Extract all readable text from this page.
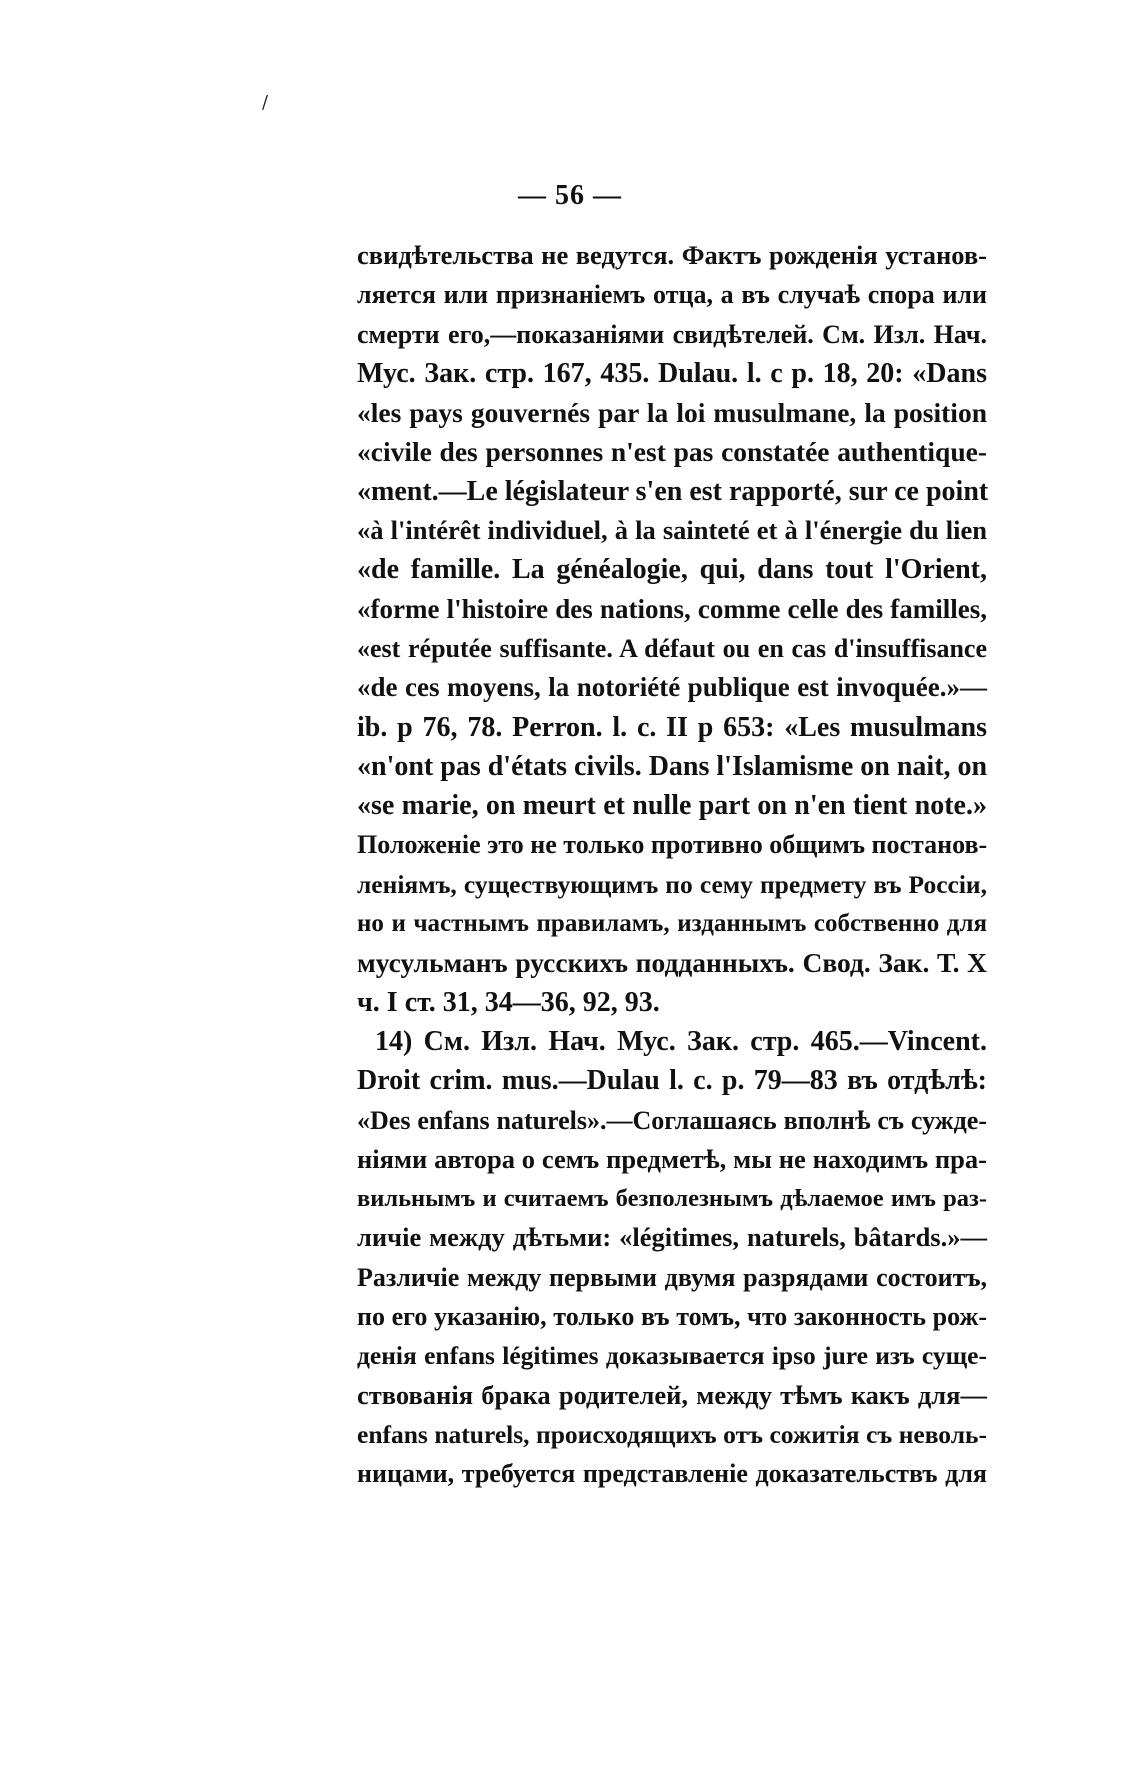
/
— 56 —
свидѣтельства не ведутся. Фактъ рожденія установ-
ляется или признаніемъ отца, а въ случаѣ спора или
смерти его,—показаніями свидѣтелей. См. Изл. Нач.
Мус. Зак. стр. 167, 435. Dulau. l. c p. 18, 20: «Dans
«les pays gouvernés par la loi musulmane, la position
«civile des personnes n'est pas constatée authentique-
«ment.—Le législateur s'en est rapporté, sur ce point
«à l'intérêt individuel, à la sainteté et à l'énergie du lien
«de famille. La généalogie, qui, dans tout l'Orient,
«forme l'histoire des nations, comme celle des familles,
«est réputée suffisante. A défaut ou en cas d'insuffisance
«de ces moyens, la notoriété publique est invoquée.»—
ib. p 76, 78. Perron. l. c. II p 653: «Les musulmans
«n'ont pas d'états civils. Dans l'Islamisme on nait, on
«se marie, on meurt et nulle part on n'en tient note.»
Положеніе это не только противно общимъ постанов-
леніямъ, существующимъ по сему предмету въ Россіи,
но и частнымъ правиламъ, изданнымъ собственно для
мусульманъ русскихъ подданныхъ. Свод. Зак. Т. X
ч. I ст. 31, 34—36, 92, 93.
14) См. Изл. Нач. Мус. Зак. стр. 465.—Vincent.
Droit crim. mus.—Dulau l. c. p. 79—83 въ отдѣлѣ:
«Des enfans naturels».—Соглашаясь вполнѣ съ сужде-
ніями автора о семъ предметѣ, мы не находимъ пра-
вильнымъ и считаемъ безполезнымъ дѣлаемое имъ раз-
личіе между дѣтьми: «légitimes, naturels, bâtards.»—
Различіе между первыми двумя разрядами состоитъ,
по его указанію, только въ томъ, что законность рож-
денія enfans légitimes доказывается ipso jure изъ суще-
ствованія брака родителей, между тѣмъ какъ для—
enfans naturels, происходящихъ отъ сожитія съ неволь-
ницами, требуется представленіе доказательствъ для
